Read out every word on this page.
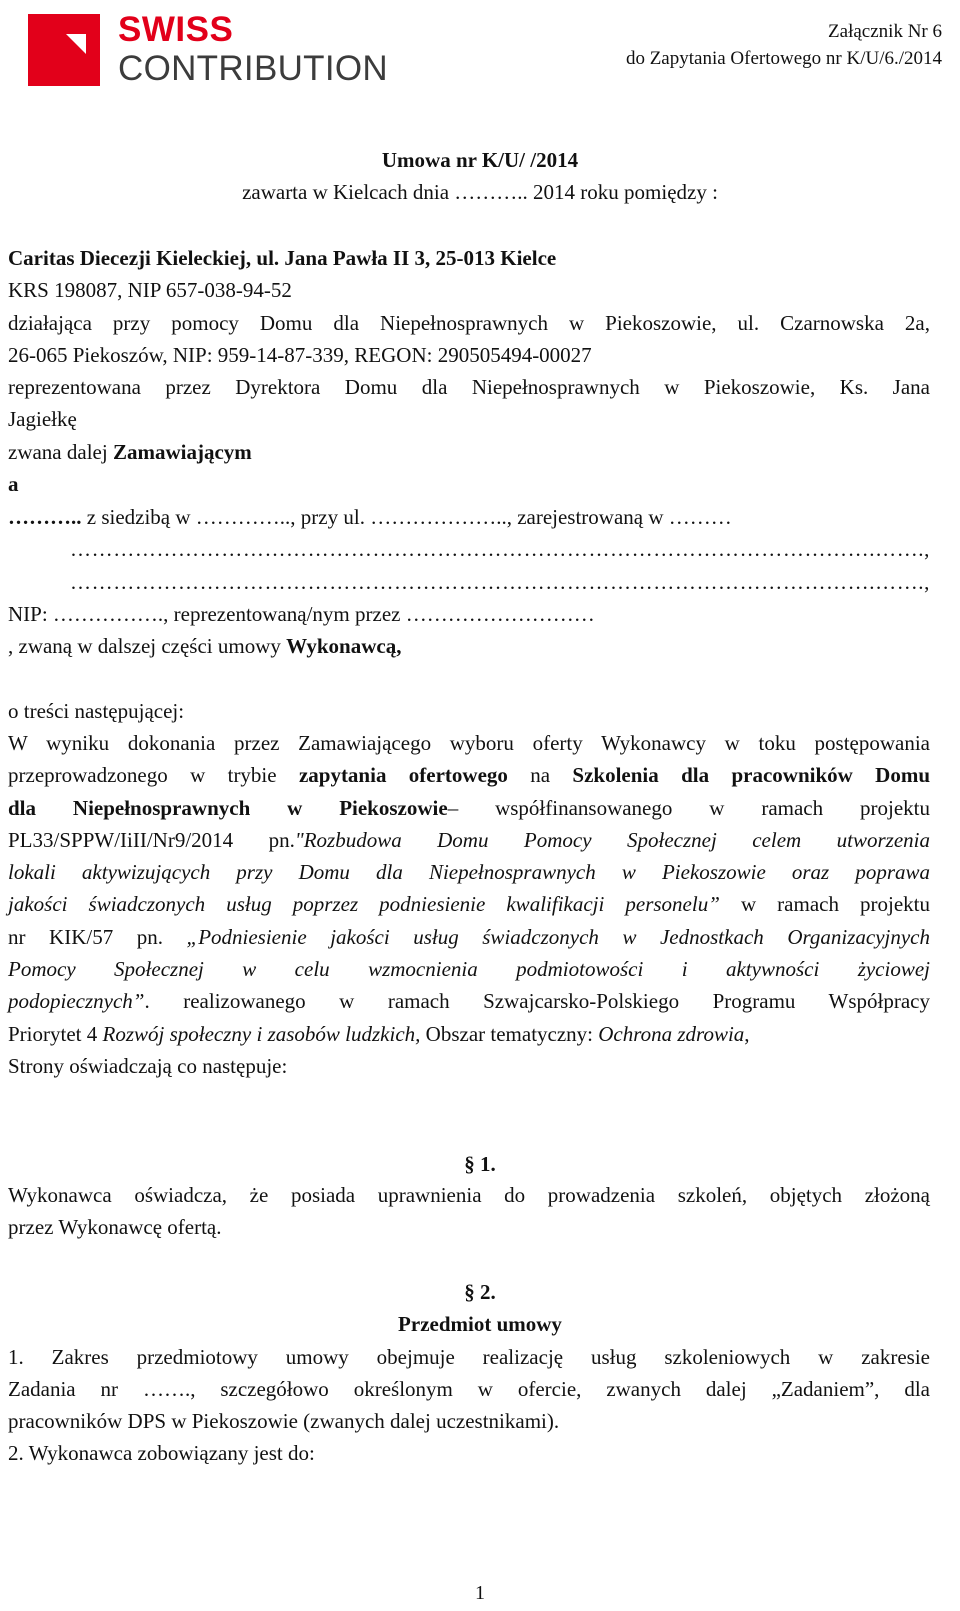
SWISS
CONTRIBUTION
Załącznik Nr 6
do Zapytania Ofertowego nr K/U/6./2014
Umowa nr K/U/ /2014
zawarta w Kielcach dnia ……….. 2014 roku pomiędzy :
Caritas Diecezji Kieleckiej, ul. Jana Pawła II 3, 25-013 Kielce
KRS 198087, NIP 657-038-94-52
działająca przy pomocy Domu dla Niepełnosprawnych w Piekoszowie, ul. Czarnowska 2a,
26-065 Piekoszów, NIP: 959-14-87-339, REGON: 290505494-00027
reprezentowana przez Dyrektora Domu dla Niepełnosprawnych w Piekoszowie, Ks. Jana
Jagiełkę
zwana dalej Zamawiającym
a
……….. z siedzibą w ………….., przy ul. ……………….., zarejestrowaną w ………
………………………………………………………………………………………………….…….,
………………………………………………………………………………………………….…….,
NIP: ……………., reprezentowaną/nym przez ………………………
, zwaną w dalszej części umowy Wykonawcą,
o treści następującej:
W wyniku dokonania przez Zamawiającego wyboru oferty Wykonawcy w toku postępowania
przeprowadzonego w trybie zapytania ofertowego na Szkolenia dla pracowników Domu
dla Niepełnosprawnych w Piekoszowie– współfinansowanego w ramach projektu
PL33/SPPW/IiII/Nr9/2014 pn."Rozbudowa Domu Pomocy Społecznej celem utworzenia
lokali aktywizujących przy Domu dla Niepełnosprawnych w Piekoszowie oraz poprawa
jakości świadczonych usług poprzez podniesienie kwalifikacji personelu” w ramach projektu
nr KIK/57 pn. „Podniesienie jakości usług świadczonych w Jednostkach Organizacyjnych
Pomocy Społecznej w celu wzmocnienia podmiotowości i aktywności życiowej
podopiecznych”. realizowanego w ramach Szwajcarsko-Polskiego Programu Współpracy
Priorytet 4 Rozwój społeczny i zasobów ludzkich, Obszar tematyczny: Ochrona zdrowia,
Strony oświadczają co następuje:
§ 1.
Wykonawca oświadcza, że posiada uprawnienia do prowadzenia szkoleń, objętych złożoną
przez Wykonawcę ofertą.
§ 2.
Przedmiot umowy
1. Zakres przedmiotowy umowy obejmuje realizację usług szkoleniowych w zakresie
Zadania nr ……., szczegółowo określonym w ofercie, zwanych dalej „Zadaniem”, dla
pracowników DPS w Piekoszowie (zwanych dalej uczestnikami).
2. Wykonawca zobowiązany jest do:
1
